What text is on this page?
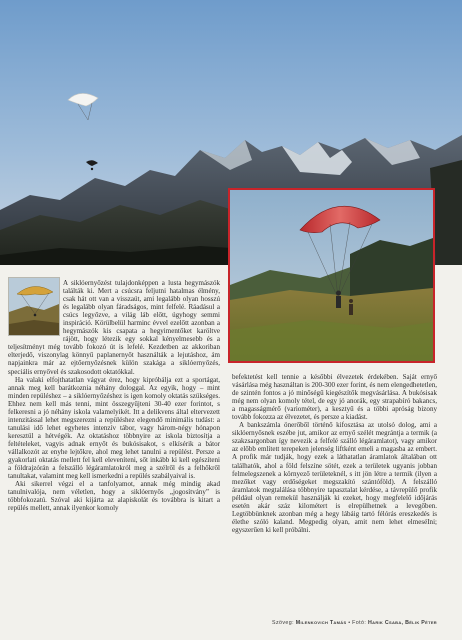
A siklóernyőzést tulajdonképpen a lusta hegymászók találták ki. Mert a csúcsra feljutni hatalmas élmény, csak hát ott van a visszaút, ami legalább olyan hosszú és legalább olyan fáradságos, mint felfelé. Ráadásul a csúcs legyőzve, a világ láb előtt, úgyhogy semmi inspiráció. Körülbelül harminc évvel ezelőtt azonban a hegymászók kis csapata a hegyimentőket karöltve rájött, hogy létezik egy sokkal kényelmesebb és a teljesítményt még tovább fokozó út is lefelé. Kezdetben az akkoriban elterjedő, viszonylag könnyű paplanernyőt használták a lejutáshoz, ám napjainkra már az ejtőernyőzésnek külön szakága a siklóernyőzés, speciális ernyővel és szakosodott oktatókkal.

Ha valaki elfojthatatlan vágyat érez, hogy kipróbálja ezt a sportágat, annak meg kell barátkoznia néhány dologgal. Az egyik, hogy – mint minden repüléshez – a siklóernyőzéshez is igen komoly oktatás szükséges. Ehhez nem kell más tenni, mint összegyűjteni 30-40 ezer forintot, s felkeresni a jó néhány iskola valamelyikét. Itt a delikvens által eltervezett intenzitással lehet megszerezni a repüléshez elegendő minimális tudást: a tanulási idő lehet egyhetes intenzív tábor, vagy három-négy hónapon keresztül a hétvégék. Az oktatáshoz többnyire az iskola biztosítja a feltételeket, vagyis adnak ernyőt és bukósisakot, s elkísérik a bátor vállalkozót az enyhe lejtőkre, ahol meg lehet tanulni a repülést. Persze a gyakorlati oktatás mellett fel kell eleveníteni, sőt inkább ki kell egészíteni a földrajzórán a felszálló légáramlatokról meg a szélről és a felhőkről tanultakat, valamint meg kell ismerkedni a repülés szabályaival is.

Aki sikerrel végzi el a tanfolyamot, annak még mindig akad tanulnivalója, nem véletlen, hogy a siklóernyős „jogosítvány” is többfokozatú. Szóval aki kijárta az alapiskolát és továbbra is kitart a repülés mellett, annak ilyenkor komoly

befektetést kell tennie a későbbi élvezetek érdekében. Saját ernyő vásárlása még használtan is 200-300 ezer forint, és nem elengedhetetlen, de szintén fontos a jó minőségű kiegészítők megvásárlása. A bukósisak még nem olyan komoly tétel, de egy jó anorák, egy strapabíró bakancs, a magasságmérő (variométer), a kesztyű és a többi apróság bizony tovább fokozza az élvezetet, és persze a kiadást.

A bankszámla önerőből történő kifosztása az utolsó dolog, ami a siklóernyősnek eszébe jut, amikor az ernyő szélét megrántja a termik (a szakzsargonban így nevezik a felfelé szálló légáramlatot), vagy amikor az előbb említett terepeken jelenség liftként emeli a magasba az embert. A profik már tudják, hogy ezek a láthatatlan áramlatok általában ott találhatók, ahol a föld felszíne sötét, ezek a területek ugyanis jobban felmelegszenek a környező területeknél, s itt jön létre a termik (ilyen a mezőket vagy erdőségeket megszakító szántóföld). A felszálló áramlatok megtalálása többnyire tapasztalat kérdése, a távrepülő profik például olyan remekül használják ki ezeket, hogy megfelelő időjárás esetén akár száz kilométert is elrepülhetnek a levegőben. Legtöbbünknek azonban még a hegy lábáig tartó félórás ereszkedés is élethe szóló kaland. Megpedig olyan, amit nem lehet elmeséIni; egyszerűen ki kell próbálni.

Szöveg: Milenkovich Tamás • Fotó: Harik Csaba, Bélik Péter
